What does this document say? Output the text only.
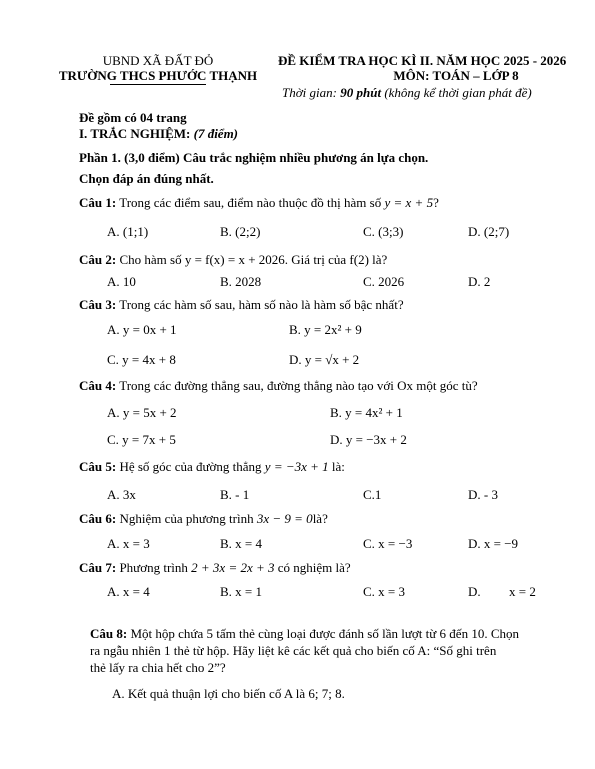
UBND XÃ ĐẤT ĐỎ
TRƯỜNG THCS PHƯỚC THẠNH
ĐỀ KIỂM TRA HỌC KÌ II. NĂM HỌC 2025 - 2026
MÔN: TOÁN – LỚP 8
Thời gian: 90 phút (không kể thời gian phát đề)
Đề gồm có 04 trang
I. TRẮC NGHIỆM: (7 điểm)
Phần 1. (3,0 điểm) Câu trắc nghiệm nhiều phương án lựa chọn.
Chọn đáp án đúng nhất.
Câu 1: Trong các điểm sau, điểm nào thuộc đồ thị hàm số y = x + 5?
A. (1;1)	B. (2;2)	C. (3;3)	D. (2;7)
Câu 2: Cho hàm số y = f(x) = x + 2026. Giá trị của f(2) là?
A. 10	B. 2028	C. 2026	D. 2
Câu 3: Trong các hàm số sau, hàm số nào là hàm số bậc nhất?
A. y = 0x + 1	B. y = 2x² + 9
C. y = 4x + 8	D. y = √x + 2
Câu 4: Trong các đường thẳng sau, đường thẳng nào tạo với Ox một góc tù?
A. y = 5x + 2	B. y = 4x² + 1
C. y = 7x + 5	D. y = −3x + 2
Câu 5: Hệ số góc của đường thẳng y = −3x + 1 là:
A. 3x	B. - 1	C.1	D. - 3
Câu 6: Nghiệm của phương trình 3x − 9 = 0là?
A. x = 3	B. x = 4	C. x = −3	D. x = −9
Câu 7: Phương trình 2 + 3x = 2x + 3 có nghiệm là?
A. x = 4	B. x = 1	C. x = 3	D. x = 2
Câu 8: Một hộp chứa 5 tấm thẻ cùng loại được đánh số lần lượt từ 6 đến 10. Chọn
ra ngẫu nhiên 1 thẻ từ hộp. Hãy liệt kê các kết quả cho biến cố A: “Số ghi trên
thẻ lấy ra chia hết cho 2”?
A. Kết quả thuận lợi cho biến cố A là 6; 7; 8.
